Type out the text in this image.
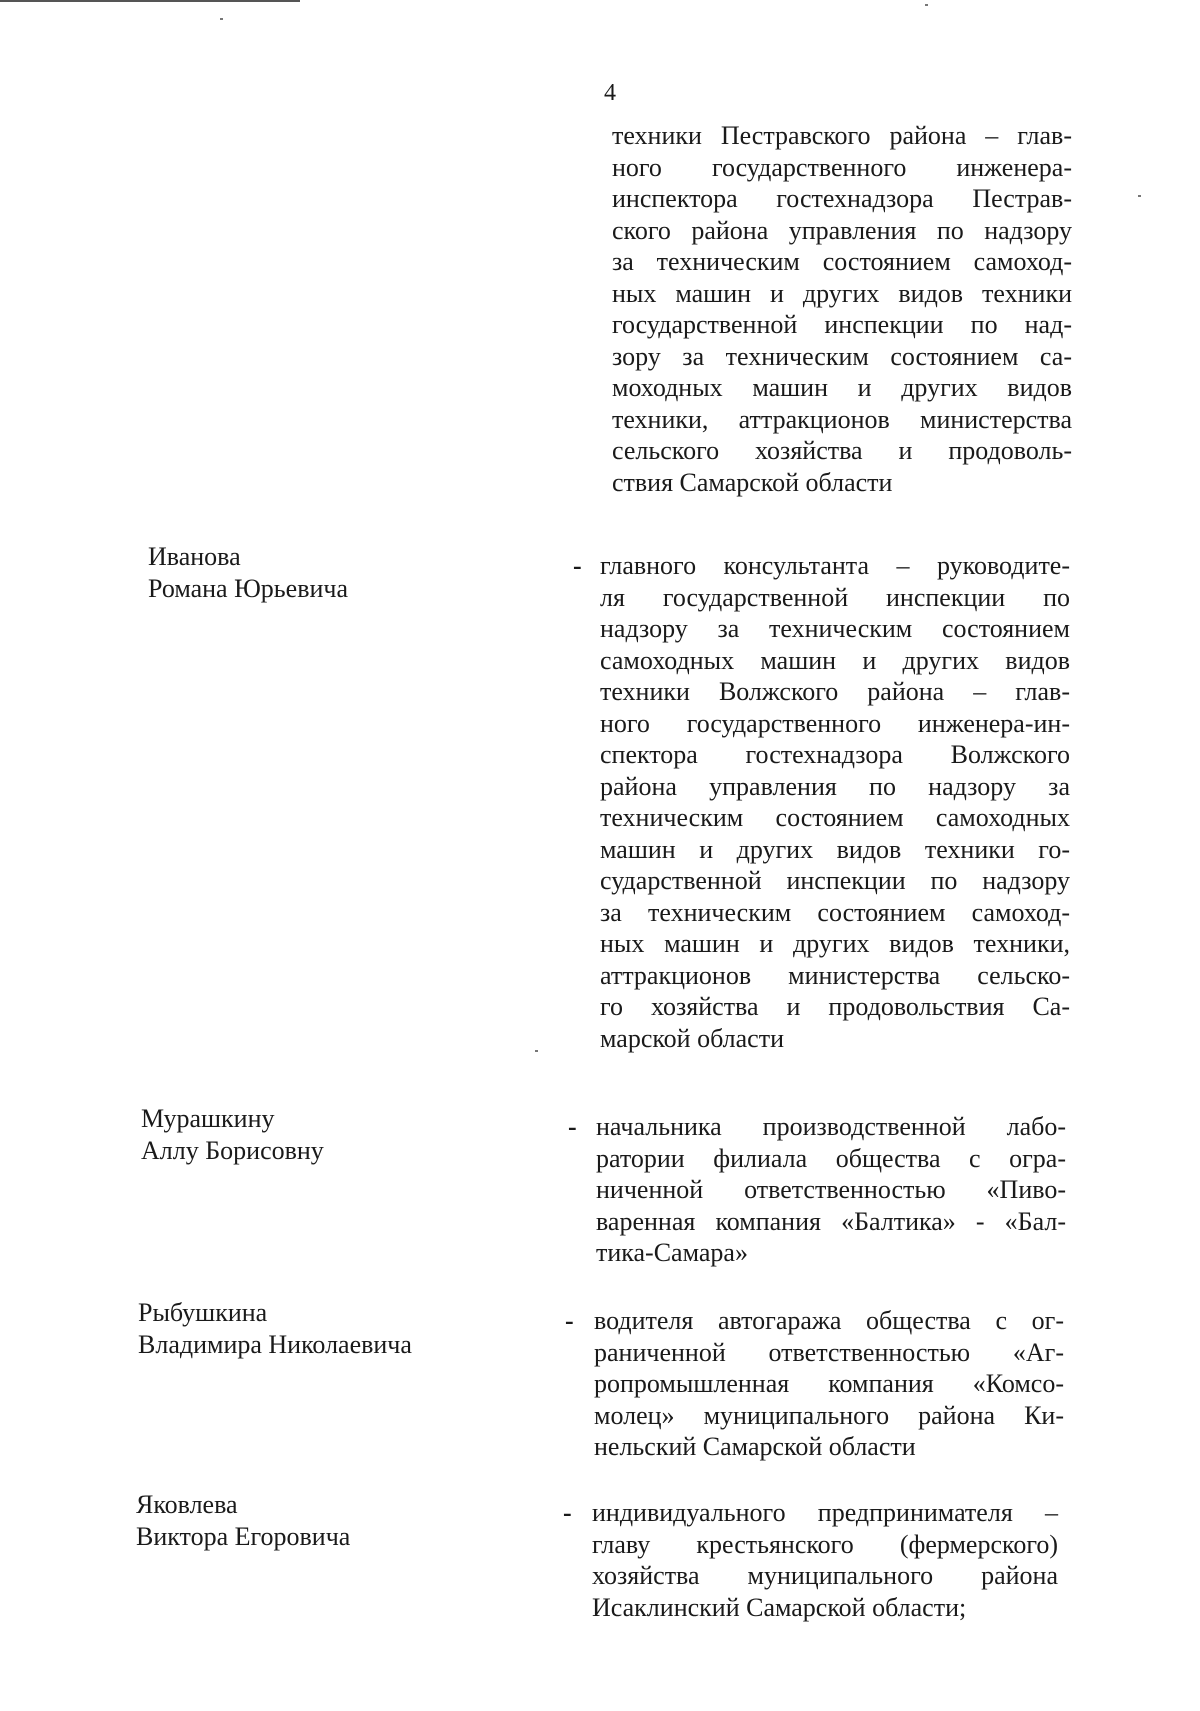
4
техники Пестравского района – глав-
ного государственного инженера-
инспектора гостехнадзора Пестрав-
ского района управления по надзору
за техническим состоянием самоход-
ных машин и других видов техники
государственной инспекции по над-
зору за техническим состоянием са-
моходных машин и других видов
техники, аттракционов министерства
сельского хозяйства и продоволь-
ствия Самарской области
Иванова
Романа Юрьевича
- главного консультанта – руководите-
ля государственной инспекции по
надзору за техническим состоянием
самоходных машин и других видов
техники Волжского района – глав-
ного государственного инженера-ин-
спектора гостехнадзора Волжского
района управления по надзору за
техническим состоянием самоходных
машин и других видов техники го-
сударственной инспекции по надзору
за техническим состоянием самоход-
ных машин и других видов техники,
аттракционов министерства сельско-
го хозяйства и продовольствия Са-
марской области
Мурашкину
Аллу Борисовну
- начальника производственной лабо-
ратории филиала общества с огра-
ниченной ответственностью «Пиво-
варенная компания «Балтика» - «Бал-
тика-Самара»
Рыбушкина
Владимира Николаевича
- водителя автогаража общества с ог-
раниченной ответственностью «Аг-
ропромышленная компания «Комсо-
молец» муниципального района Ки-
нельский Самарской области
Яковлева
Виктора Егоровича
- индивидуального предпринимателя –
главу крестьянского (фермерского)
хозяйства муниципального района
Исаклинский Самарской области;
